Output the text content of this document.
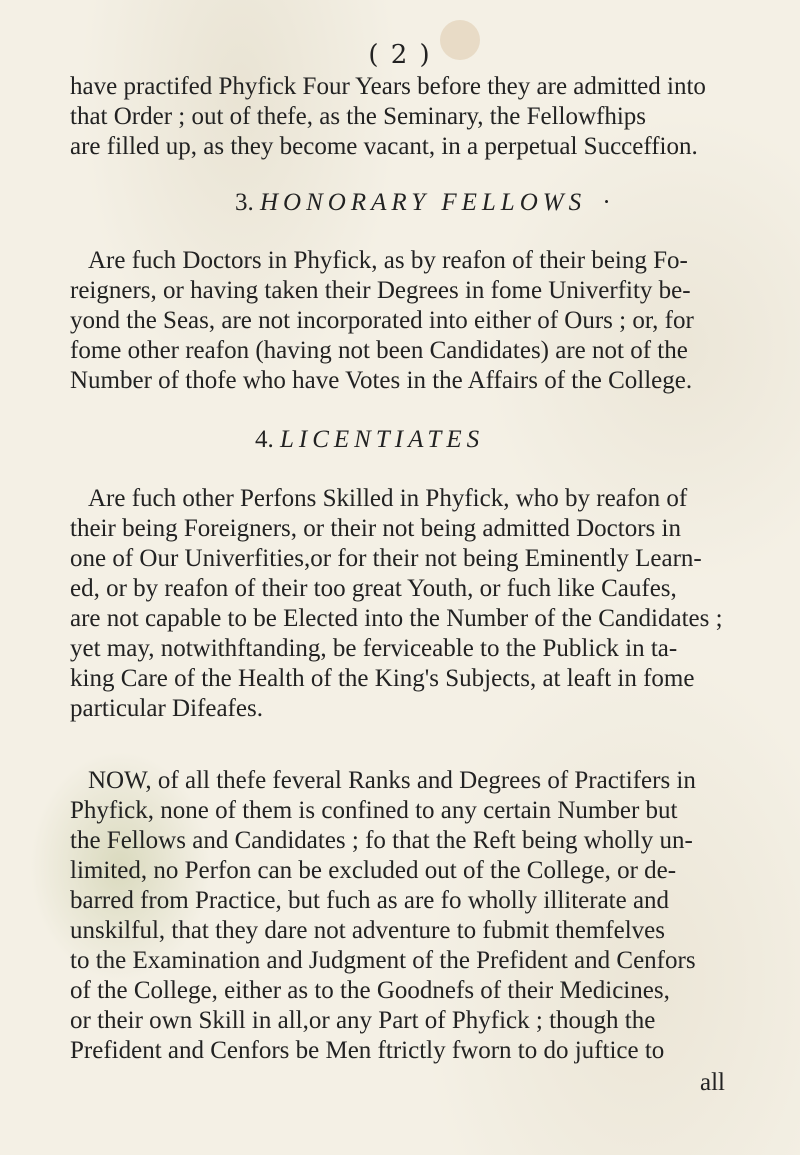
( 2 )
have practifed Phyfick Four Years before they are admitted into
that Order ; out of thefe, as the Seminary, the Fellowfhips
are filled up, as they become vacant, in a perpetual Succeffion.
3. HONORARY FELLOWS ·
Are fuch Doctors in Phyfick, as by reafon of their being Fo-
reigners, or having taken their Degrees in fome Univerfity be-
yond the Seas, are not incorporated into either of Ours ; or, for
fome other reafon (having not been Candidates) are not of the
Number of thofe who have Votes in the Affairs of the College.
4. LICENTIATES
Are fuch other Perfons Skilled in Phyfick, who by reafon of
their being Foreigners, or their not being admitted Doctors in
one of Our Univerfities,or for their not being Eminently Learn-
ed, or by reafon of their too great Youth, or fuch like Caufes,
are not capable to be Elected into the Number of the Candidates ;
yet may, notwithftanding, be ferviceable to the Publick in ta-
king Care of the Health of the King's Subjects, at leaft in fome
particular Difeafes.
NOW, of all thefe feveral Ranks and Degrees of Practifers in
Phyfick, none of them is confined to any certain Number but
the Fellows and Candidates ; fo that the Reft being wholly un-
limited, no Perfon can be excluded out of the College, or de-
barred from Practice, but fuch as are fo wholly illiterate and
unskilful, that they dare not adventure to fubmit themfelves
to the Examination and Judgment of the Prefident and Cenfors
of the College, either as to the Goodnefs of their Medicines,
or their own Skill in all,or any Part of Phyfick ; though the
Prefident and Cenfors be Men ftrictly fworn to do juftice to
all
